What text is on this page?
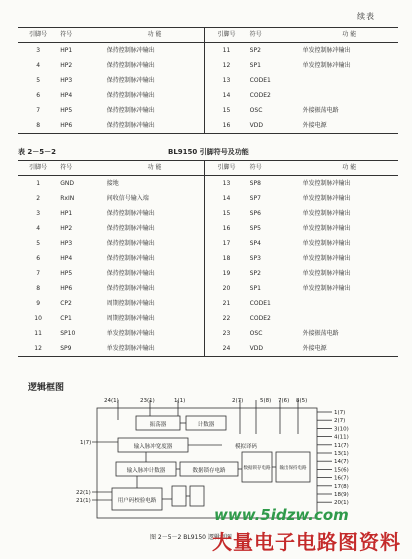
续表
引脚号	符号	功 能	引脚号	符号	功 能
3	HP1	保持控制脉冲输出	11	SP2	单发控制脉冲输出
4	HP2	保持控制脉冲输出	12	SP1	单发控制脉冲输出
5	HP3	保持控制脉冲输出	13	CODE1	
6	HP4	保持控制脉冲输出	14	CODE2	
7	HP5	保持控制脉冲输出	15	OSC	外接振荡电路
8	HP6	保持控制脉冲输出	16	VDD	外接电源
表 2－5－2	BL9150 引脚符号及功能
引脚号	符号	功 能	引脚号	符号	功 能
1	GND	接地	13	SP8	单发控制脉冲输出
2	RxIN	间收信号输入端	14	SP7	单发控制脉冲输出
3	HP1	保持控制脉冲输出	15	SP6	单发控制脉冲输出
4	HP2	保持控制脉冲输出	16	SP5	单发控制脉冲输出
5	HP3	保持控制脉冲输出	17	SP4	单发控制脉冲输出
6	HP4	保持控制脉冲输出	18	SP3	单发控制脉冲输出
7	HP5	保持控制脉冲输出	19	SP2	单发控制脉冲输出
8	HP6	保持控制脉冲输出	20	SP1	单发控制脉冲输出
9	CP2	周期控制脉冲输出	21	CODE1	
10	CP1	周期控制脉冲输出	22	CODE2	
11	SP10	单发控制脉冲输出	23	OSC	外接振荡电路
12	SP9	单发控制脉冲输出	24	VDD	外接电源
逻辑框图
振荡器	计数器
输入脉冲宽度器	模拟译码
输入脉冲计数器	数据锁存电路	数据锁存电路 输出保持电路
用户码校验电路
24(1)	23(1)	1(1)	2(7)	5(8) 7(6) 8(5)
1(7)
22(1)
21(1)
1(7)
2(7)
3(10)
4(11)
11(7)
13(1)
14(7)
15(6)
16(7)
17(8)
18(9)
20(1)
图 2－5－2 BL9150 逻辑框图
www.5idzw.com
大量电子电路图资料
